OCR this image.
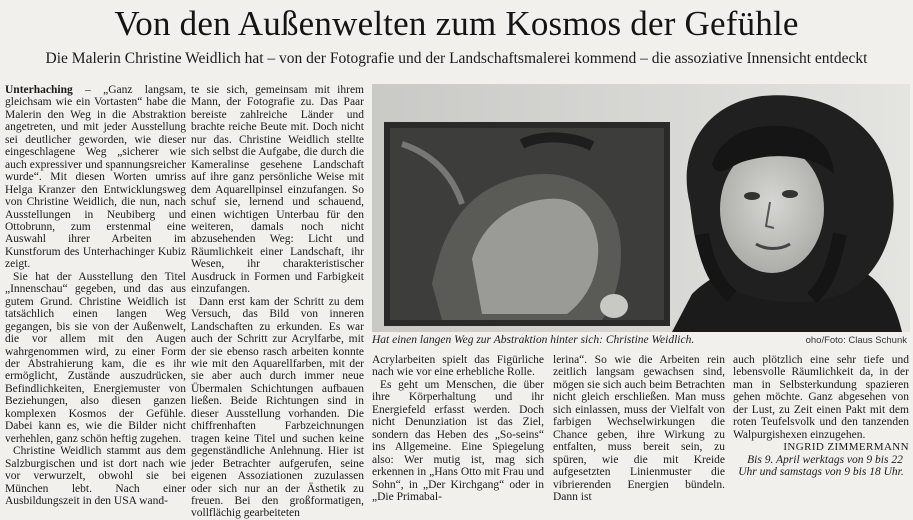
Von den Außenwelten zum Kosmos der Gefühle
Die Malerin Christine Weidlich hat – von der Fotografie und der Landschaftsmalerei kommend – die assoziative Innensicht entdeckt

Unterhaching – „Ganz langsam, gleichsam wie ein Vortasten“ habe die Malerin den Weg in die Abstraktion angetreten, und mit jeder Ausstellung sei deutlicher geworden, wie dieser eingeschlagene Weg „sicherer wie auch expressiver und spannungsreicher wurde“. Mit diesen Worten umriss Helga Kranzer den Entwicklungsweg von Christine Weidlich, die nun, nach Ausstellungen in Neubiberg und Ottobrunn, zum erstenmal eine Auswahl ihrer Arbeiten im Kunstforum des Unterhachinger Kubiz zeigt.

Sie hat der Ausstellung den Titel „Innenschau“ gegeben, und das aus gutem Grund. Christine Weidlich ist tatsächlich einen langen Weg gegangen, bis sie von der Außenwelt, die vor allem mit den Augen wahrgenommen wird, zu einer Form der Abstrahierung kam, die es ihr ermöglicht, Zustände auszudrücken, Befindlichkeiten, Energiemuster von Beziehungen, also diesen ganzen komplexen Kosmos der Gefühle. Dabei kann es, wie die Bilder nicht verhehlen, ganz schön heftig zugehen.

Christine Weidlich stammt aus dem Salzburgischen und ist dort nach wie vor verwurzelt, obwohl sie bei München lebt. Nach einer Ausbildungszeit in den USA wand-

te sie sich, gemeinsam mit ihrem Mann, der Fotografie zu. Das Paar bereiste zahlreiche Länder und brachte reiche Beute mit. Doch nicht nur das. Christine Weidlich stellte sich selbst die Aufgabe, die durch die Kameralinse gesehene Landschaft auf ihre ganz persönliche Weise mit dem Aquarellpinsel einzufangen. So schuf sie, lernend und schauend, einen wichtigen Unterbau für den weiteren, damals noch nicht abzusehenden Weg: Licht und Räumlichkeit einer Landschaft, ihr Wesen, ihr charakteristischer Ausdruck in Formen und Farbigkeit einzufangen.

Dann erst kam der Schritt zu dem Versuch, das Bild von inneren Landschaften zu erkunden. Es war auch der Schritt zur Acrylfarbe, mit der sie ebenso rasch arbeiten konnte wie mit den Aquarellfarben, mit der sie aber auch durch immer neue Übermalen Schichtungen aufbauen ließen. Beide Richtungen sind in dieser Ausstellung vorhanden. Die chiffrenhaften Farbzeichnungen tragen keine Titel und suchen keine gegenständliche Anlehnung. Hier ist jeder Betrachter aufgerufen, seine eigenen Assoziationen zuzulassen oder sich nur an der Ästhetik zu freuen. Bei den großformatigen, vollflächig gearbeiteten

Hat einen langen Weg zur Abstraktion hinter sich: Christine Weidlich.	oho/Foto: Claus Schunk

Acrylarbeiten spielt das Figürliche nach wie vor eine erhebliche Rolle.

Es geht um Menschen, die über ihre Körperhaltung und ihr Energiefeld erfasst werden. Doch nicht Denunziation ist das Ziel, sondern das Heben des „So-seins“ ins Allgemeine. Eine Spiegelung also: Wer mutig ist, mag sich erkennen in „Hans Otto mit Frau und Sohn“, in „Der Kirchgang“ oder in „Die Primabal-

lerina“. So wie die Arbeiten rein zeitlich langsam gewachsen sind, mögen sie sich auch beim Betrachten nicht gleich erschließen. Man muss sich einlassen, muss der Vielfalt von farbigen Wechselwirkungen die Chance geben, ihre Wirkung zu entfalten, muss bereit sein, zu spüren, wie die mit Kreide aufgesetzten Linienmuster die vibrierenden Energien bündeln. Dann ist

auch plötzlich eine sehr tiefe und lebensvolle Räumlichkeit da, in der man in Selbsterkundung spazieren gehen möchte. Ganz abgesehen von der Lust, zu Zeit einen Pakt mit dem roten Teufelsvolk und den tanzenden Walpurgishexen einzugehen.

INGRID ZIMMERMANN

Bis 9. April werktags von 9 bis 22 Uhr und samstags von 9 bis 18 Uhr.
